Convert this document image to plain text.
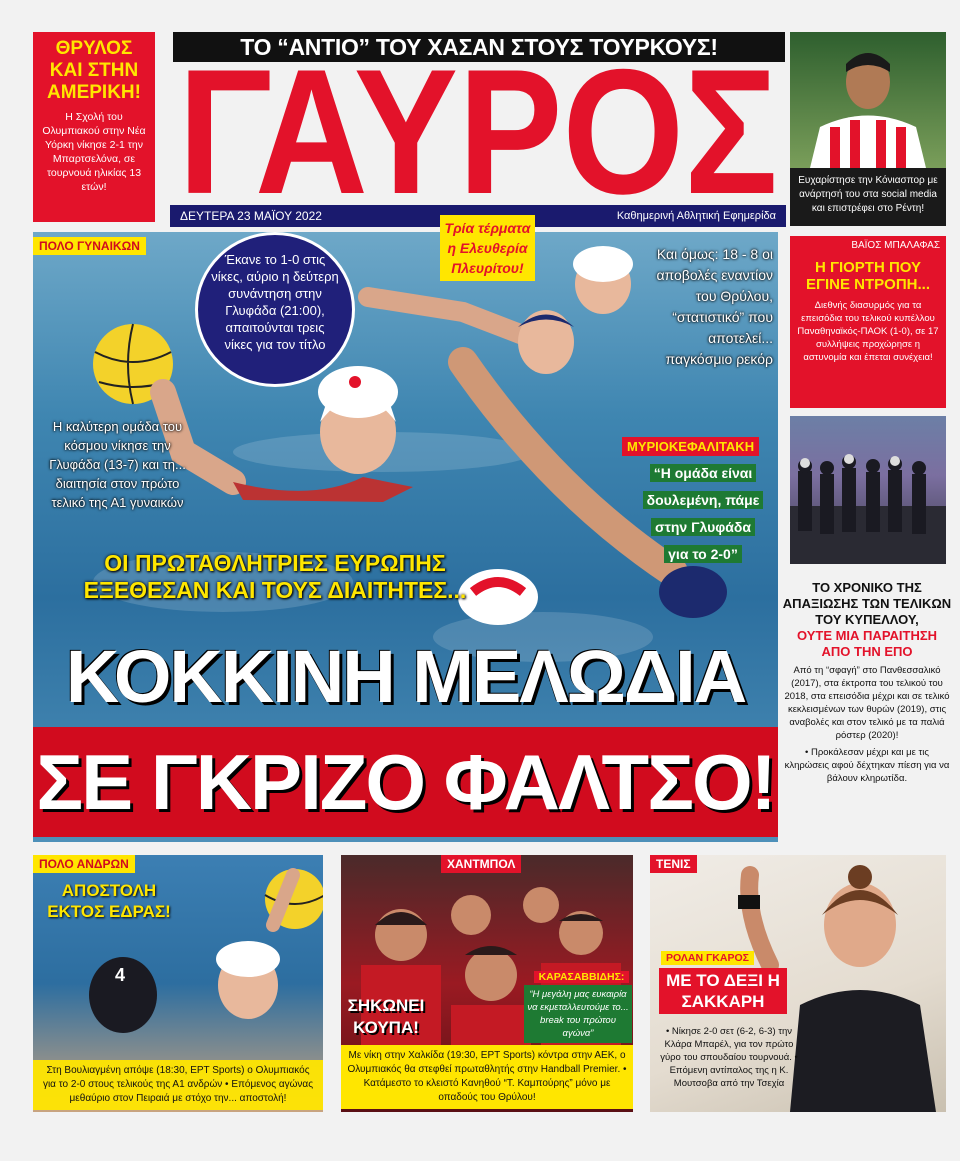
ΘΡΥΛΟΣ ΚΑΙ ΣΤΗΝ ΑΜΕΡΙΚΗ!
Η Σχολή του Ολυμπιακού στην Νέα Υόρκη νίκησε 2-1 την Μπαρτσελόνα, σε τουρνουά ηλικίας 13 ετών!
ΤΟ “ΑΝΤΙΟ” ΤΟΥ ΧΑΣΑΝ ΣΤΟΥΣ ΤΟΥΡΚΟΥΣ!
ΓΑΥΡΟΣ
ΔΕΥΤΕΡΑ 23 ΜΑΪΟΥ 2022	Καθημερινή Αθλητική Εφημερίδα
Ευχαρίστησε την Κόνιασπορ με ανάρτησή του στα social media και επιστρέφει στο Ρέντη!
ΠΟΛΟ ΓΥΝΑΙΚΩΝ
Έκανε το 1-0 στις νίκες, αύριο η δεύτερη συνάντηση στην Γλυφάδα (21:00), απαιτούνται τρεις νίκες για τον τίτλο
Τρία τέρματα η Ελευθερία Πλευρίτου!
Και όμως: 18 - 8 οι αποβολές εναντίον του Θρύλου, “στατιστικό” που αποτελεί... παγκόσμιο ρεκόρ
Η καλύτερη ομάδα του κόσμου νίκησε την Γλυφάδα (13-7) και τη... διαιτησία στον πρώτο τελικό της Α1 γυναικών
ΜΥΡΙΟΚΕΦΑΛΙΤΑΚΗ
“Η ομάδα είναι
δουλεμένη, πάμε
στην Γλυφάδα
για το 2-0”
ΟΙ ΠΡΩΤΑΘΛΗΤΡΙΕΣ ΕΥΡΩΠΗΣ ΕΞΕΘΕΣΑΝ ΚΑΙ ΤΟΥΣ ΔΙΑΙΤΗΤΕΣ...
ΚΟΚΚΙΝΗ ΜΕΛΩΔΙΑ
ΣΕ ΓΚΡΙΖΟ ΦΑΛΤΣΟ!
ΒΑΪΟΣ ΜΠΑΛΑΦΑΣ
Η ΓΙΟΡΤΗ ΠΟΥ ΕΓΙΝΕ ΝΤΡΟΠΗ...
Διεθνής διασυρμός για τα επεισόδια του τελικού κυπέλλου Παναθηναϊκός-ΠΑΟΚ (1-0), σε 17 συλλήψεις προχώρησε η αστυνομία και έπεται συνέχεια!
ΤΟ ΧΡΟΝΙΚΟ ΤΗΣ ΑΠΑΞΙΩΣΗΣ ΤΩΝ ΤΕΛΙΚΩΝ ΤΟΥ ΚΥΠΕΛΛΟΥ,
ΟΥΤΕ ΜΙΑ ΠΑΡΑΙΤΗΣΗ ΑΠΟ ΤΗΝ ΕΠΟ
Από τη “σφαγή” στο Πανθεσσαλικό (2017), στα έκτροπα του τελικού του 2018, στα επεισόδια μέχρι και σε τελικό κεκλεισμένων των θυρών (2019), στις αναβολές και στον τελικό με τα παλιά ρόστερ (2020)!
• Προκάλεσαν μέχρι και με τις κληρώσεις αφού δέχτηκαν πίεση για να βάλουν κληρωτίδα.
ΠΟΛΟ ΑΝΔΡΩΝ
4
Στη Βουλιαγμένη απόψε (18:30, ΕΡΤ Sports) ο Ολυμπιακός για το 2-0 στους τελικούς της Α1 ανδρών • Επόμενος αγώνας μεθαύριο στον Πειραιά με στόχο την... αποστολή!
ΑΠΟΣΤΟΛΗ ΕΚΤΟΣ ΕΔΡΑΣ!
ΧΑΝΤΜΠΟΛ
Με νίκη στην Χαλκίδα (19:30, ΕΡΤ Sports) κόντρα στην ΑΕΚ, ο Ολυμπιακός θα στεφθεί πρωταθλητής στην Handball Premier. • Κατάμεστο το κλειστό Κανηθού “Τ. Καμπούρης” μόνο με οπαδούς του Θρύλου!
ΣΗΚΩΝΕΙ ΚΟΥΠΑ!
ΚΑΡΑΣΑΒΒΙΔΗΣ:
“Η μεγάλη μας ευκαιρία να εκμεταλλευτούμε το... break του πρώτου αγώνα”
ΤΕΝΙΣ
ΡΟΛΑΝ ΓΚΑΡΟΣ
ΜΕ ΤΟ ΔΕΞΙ Η ΣΑΚΚΑΡΗ
• Νίκησε 2-0 σετ (6-2, 6-3) την Κλάρα Μπαρέλ, για τον πρώτο γύρο του σπουδαίου τουρνουά. • Επόμενη αντίπαλος της η Κ. Μουτσοβα από την Τσεχία
